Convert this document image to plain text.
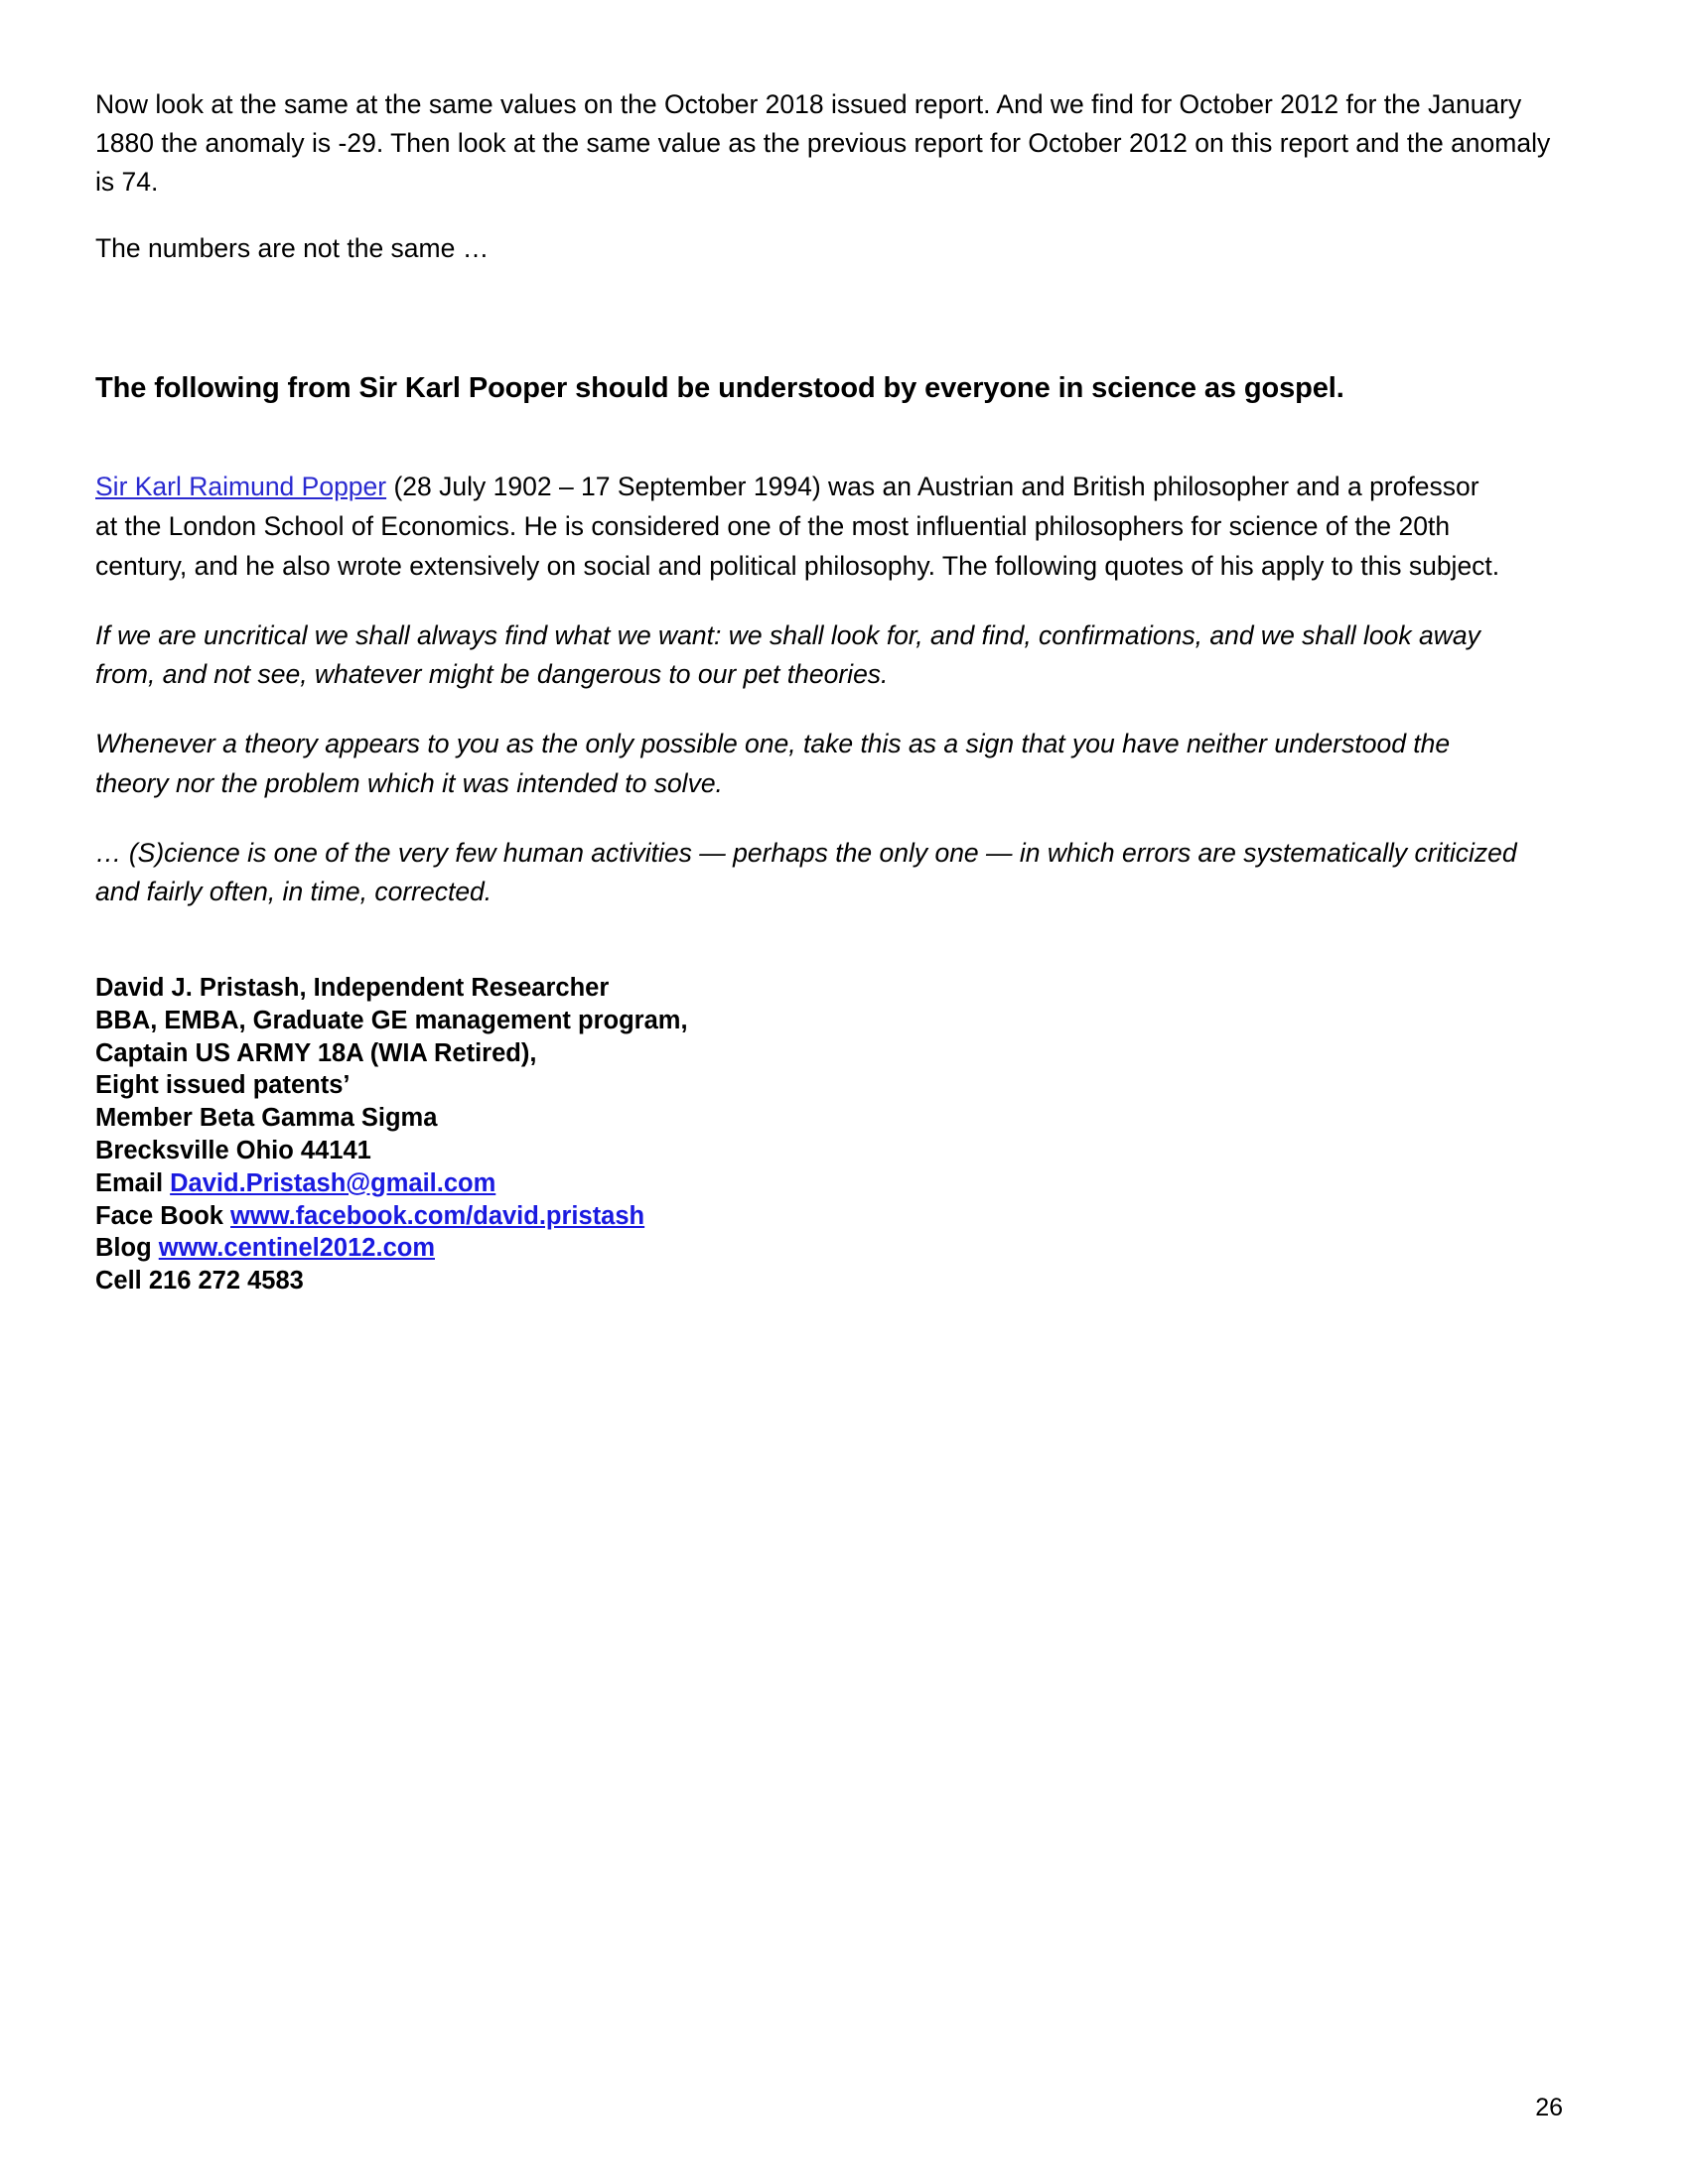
Now look at the same at the same values on the October 2018 issued report. And we find for October 2012 for the January 1880 the anomaly is -29. Then look at the same value as the previous report for October 2012 on this report and the anomaly is 74.

The numbers are not the same …

The following from Sir Karl Pooper should be understood by everyone in science as gospel.

Sir Karl Raimund Popper (28 July 1902 – 17 September 1994) was an Austrian and British philosopher and a professor at the London School of Economics. He is considered one of the most influential philosophers for science of the 20th century, and he also wrote extensively on social and political philosophy. The following quotes of his apply to this subject.

If we are uncritical we shall always find what we want: we shall look for, and find, confirmations, and we shall look away from, and not see, whatever might be dangerous to our pet theories.

Whenever a theory appears to you as the only possible one, take this as a sign that you have neither understood the theory nor the problem which it was intended to solve.

… (S)cience is one of the very few human activities — perhaps the only one — in which errors are systematically criticized and fairly often, in time, corrected.

David J. Pristash, Independent Researcher
BBA, EMBA, Graduate GE management program,
Captain US ARMY 18A (WIA Retired),
Eight issued patents’
Member Beta Gamma Sigma
Brecksville Ohio 44141
Email David.Pristash@gmail.com
Face Book www.facebook.com/david.pristash
Blog www.centinel2012.com
Cell 216 272 4583
26
